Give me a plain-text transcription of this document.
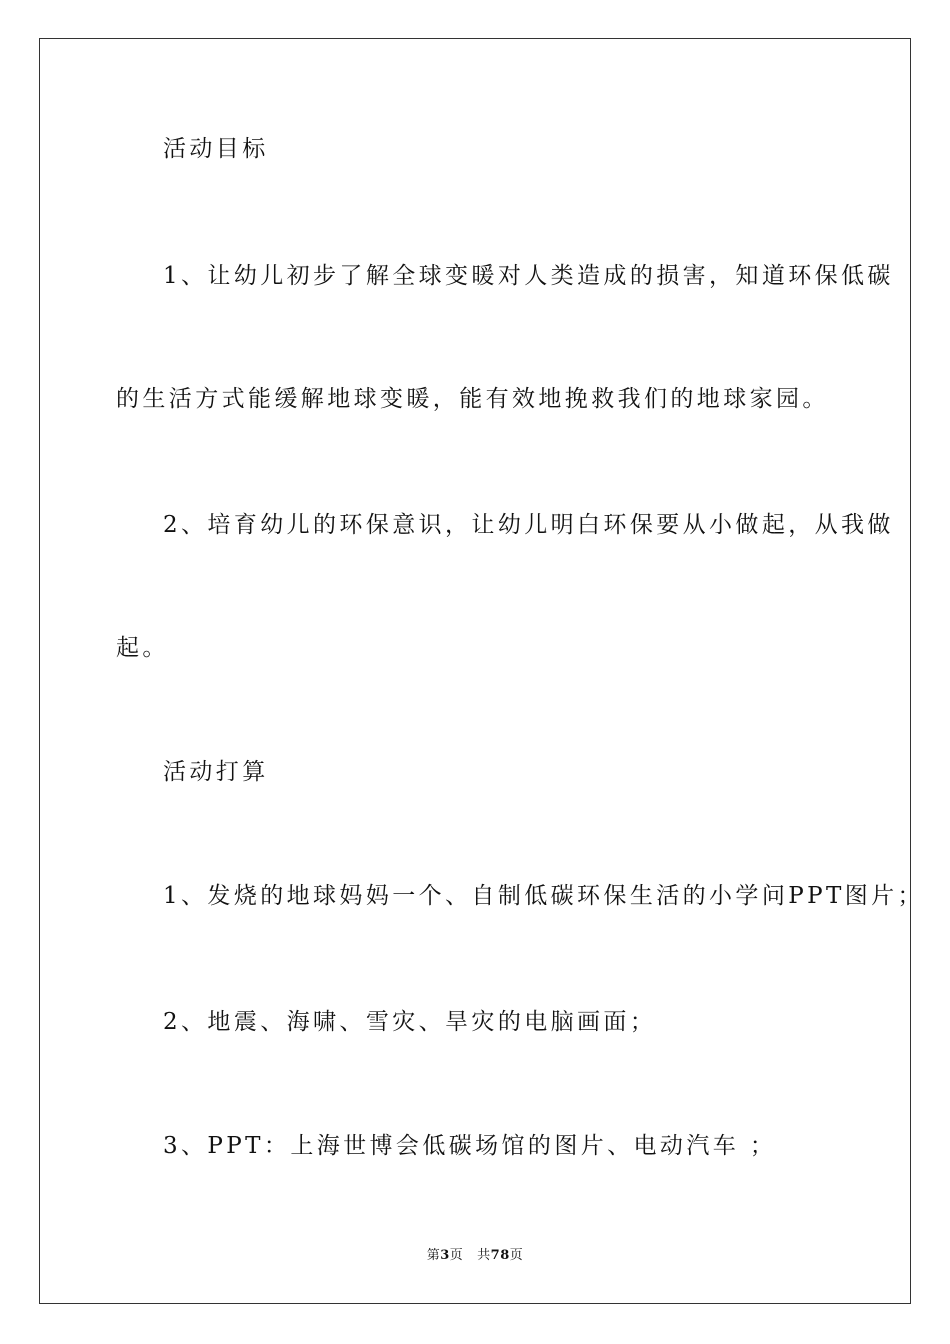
活动目标
1、让幼儿初步了解全球变暖对人类造成的损害，知道环保低碳
的生活方式能缓解地球变暖，能有效地挽救我们的地球家园。
2、培育幼儿的环保意识，让幼儿明白环保要从小做起，从我做
起。
活动打算
1、发烧的地球妈妈一个、自制低碳环保生活的小学问PPT图片；
2、地震、海啸、雪灾、旱灾的电脑画面；
3、PPT：上海世博会低碳场馆的图片、电动汽车 ；
第3页   共78页
